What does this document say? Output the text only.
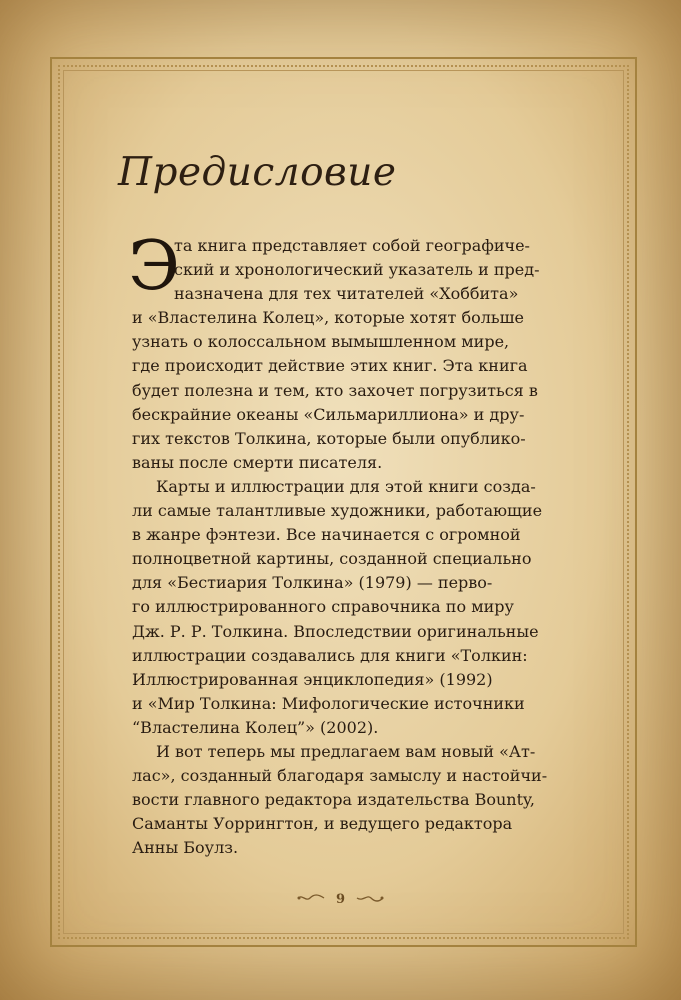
Предисловие
Э
та книга представляет собой географиче-
ский и хронологический указатель и пред-
назначена для тех читателей «Хоббита»
и «Властелина Колец», которые хотят больше
узнать о колоссальном вымышленном мире,
где происходит действие этих книг. Эта книга
будет полезна и тем, кто захочет погрузиться в
бескрайние океаны «Сильмариллиона» и дру-
гих текстов Толкина, которые были опублико-
ваны после смерти писателя.
Карты и иллюстрации для этой книги созда-
ли самые талантливые художники, работающие
в жанре фэнтези. Все начинается с огромной
полноцветной картины, созданной специально
для «Бестиария Толкина» (1979) — перво-
го иллюстрированного справочника по миру
Дж. Р. Р. Толкина. Впоследствии оригинальные
иллюстрации создавались для книги «Толкин:
Иллюстрированная энциклопедия» (1992)
и «Мир Толкина: Мифологические источники
“Властелина Колец”» (2002).
И вот теперь мы предлагаем вам новый «Ат-
лас», созданный благодаря замыслу и настойчи-
вости главного редактора издательства Bounty,
Саманты Уоррингтон, и ведущего редактора
Анны Боулз.
9
